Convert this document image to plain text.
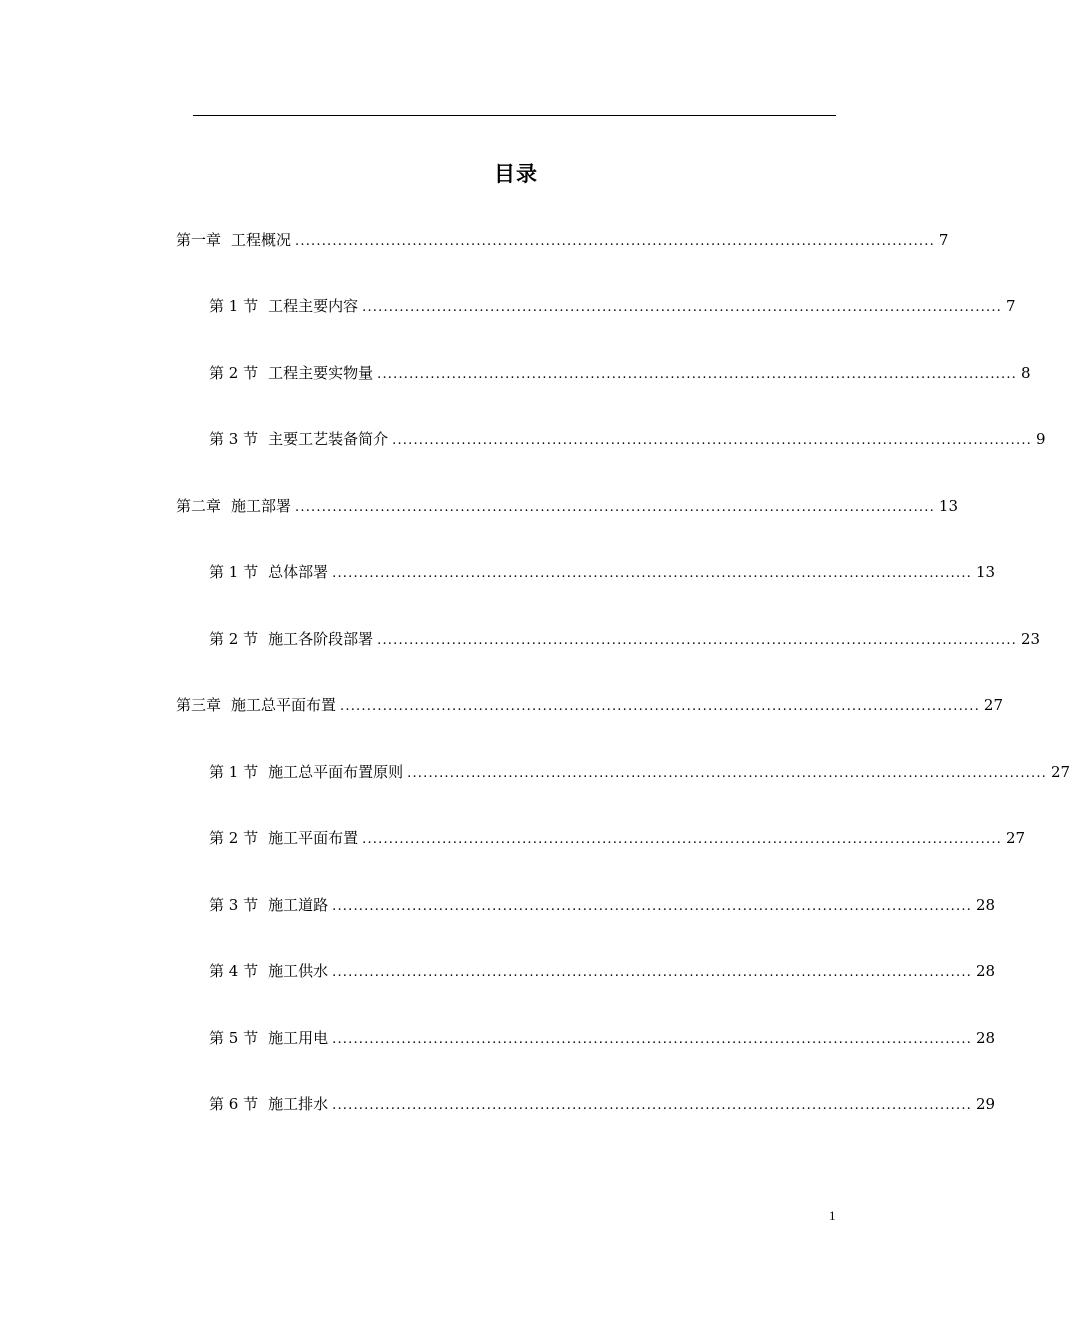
目录
第一章 工程概况 ........................................................................................................................ 7
第 1 节 工程主要内容 ........................................................................................................................ 7
第 2 节 工程主要实物量 ........................................................................................................................ 8
第 3 节 主要工艺装备简介 ........................................................................................................................ 9
第二章 施工部署 ........................................................................................................................ 13
第 1 节 总体部署 ........................................................................................................................ 13
第 2 节 施工各阶段部署 ........................................................................................................................ 23
第三章 施工总平面布置 ........................................................................................................................ 27
第 1 节 施工总平面布置原则 ........................................................................................................................ 27
第 2 节 施工平面布置 ........................................................................................................................ 27
第 3 节 施工道路 ........................................................................................................................ 28
第 4 节 施工供水 ........................................................................................................................ 28
第 5 节 施工用电 ........................................................................................................................ 28
第 6 节 施工排水 ........................................................................................................................ 29
1
